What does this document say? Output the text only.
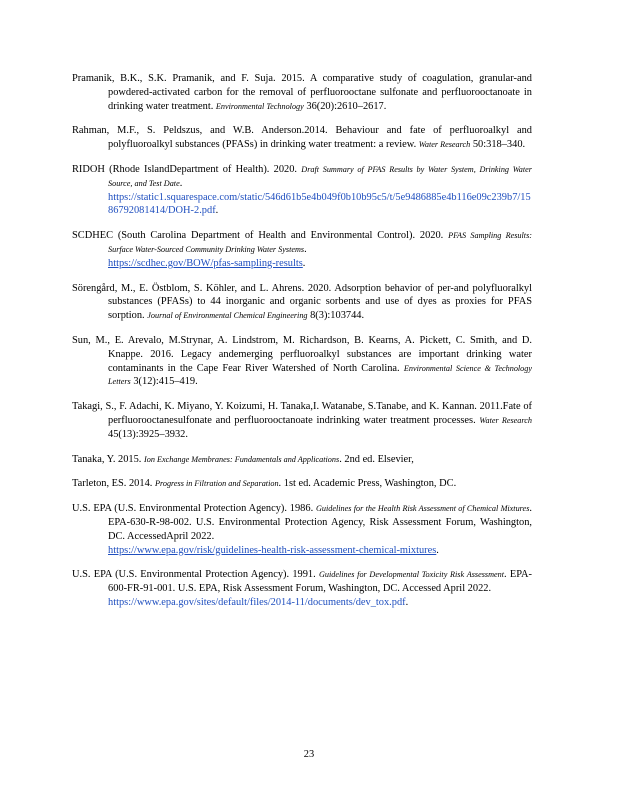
Pramanik, B.K., S.K. Pramanik, and F. Suja. 2015. A comparative study of coagulation, granular-and powdered-activated carbon for the removal of perfluorooctane sulfonate and perfluorooctanoate in drinking water treatment. Environmental Technology 36(20):2610–2617.

Rahman, M.F., S. Peldszus, and W.B. Anderson.2014. Behaviour and fate of perfluoroalkyl and polyfluoroalkyl substances (PFASs) in drinking water treatment: a review. Water Research 50:318–340.

RIDOH (Rhode IslandDepartment of Health). 2020. Draft Summary of PFAS Results by Water System, Drinking Water Source, and Test Date.
https://static1.squarespace.com/static/546d61b5e4b049f0b10b95c5/t/5e9486885e4b116e09c239b7/1586792081414/DOH-2.pdf.

SCDHEC (South Carolina Department of Health and Environmental Control). 2020. PFAS Sampling Results: Surface Water-Sourced Community Drinking Water Systems.
https://scdhec.gov/BOW/pfas-sampling-results.

Sörengård, M., E. Östblom, S. Köhler, and L. Ahrens. 2020. Adsorption behavior of per-and polyfluoralkyl substances (PFASs) to 44 inorganic and organic sorbents and use of dyes as proxies for PFAS sorption. Journal of Environmental Chemical Engineering 8(3):103744.

Sun, M., E. Arevalo, M.Strynar, A. Lindstrom, M. Richardson, B. Kearns, A. Pickett, C. Smith, and D. Knappe. 2016. Legacy andemerging perfluoroalkyl substances are important drinking water contaminants in the Cape Fear River Watershed of North Carolina. Environmental Science & Technology Letters 3(12):415–419.

Takagi, S., F. Adachi, K. Miyano, Y. Koizumi, H. Tanaka,I. Watanabe, S.Tanabe, and K. Kannan. 2011.Fate of perfluorooctanesulfonate and perfluorooctanoate indrinking water treatment processes. Water Research 45(13):3925–3932.

Tanaka, Y. 2015. Ion Exchange Membranes: Fundamentals and Applications. 2nd ed. Elsevier,

Tarleton, ES. 2014. Progress in Filtration and Separation. 1st ed. Academic Press, Washington, DC.

U.S. EPA (U.S. Environmental Protection Agency). 1986. Guidelines for the Health Risk Assessment of Chemical Mixtures. EPA-630-R-98-002. U.S. Environmental Protection Agency, Risk Assessment Forum, Washington, DC. AccessedApril 2022.
https://www.epa.gov/risk/guidelines-health-risk-assessment-chemical-mixtures.

U.S. EPA (U.S. Environmental Protection Agency). 1991. Guidelines for Developmental Toxicity Risk Assessment. EPA-600-FR-91-001. U.S. EPA, Risk Assessment Forum, Washington, DC. Accessed April 2022.
https://www.epa.gov/sites/default/files/2014-11/documents/dev_tox.pdf.

23
